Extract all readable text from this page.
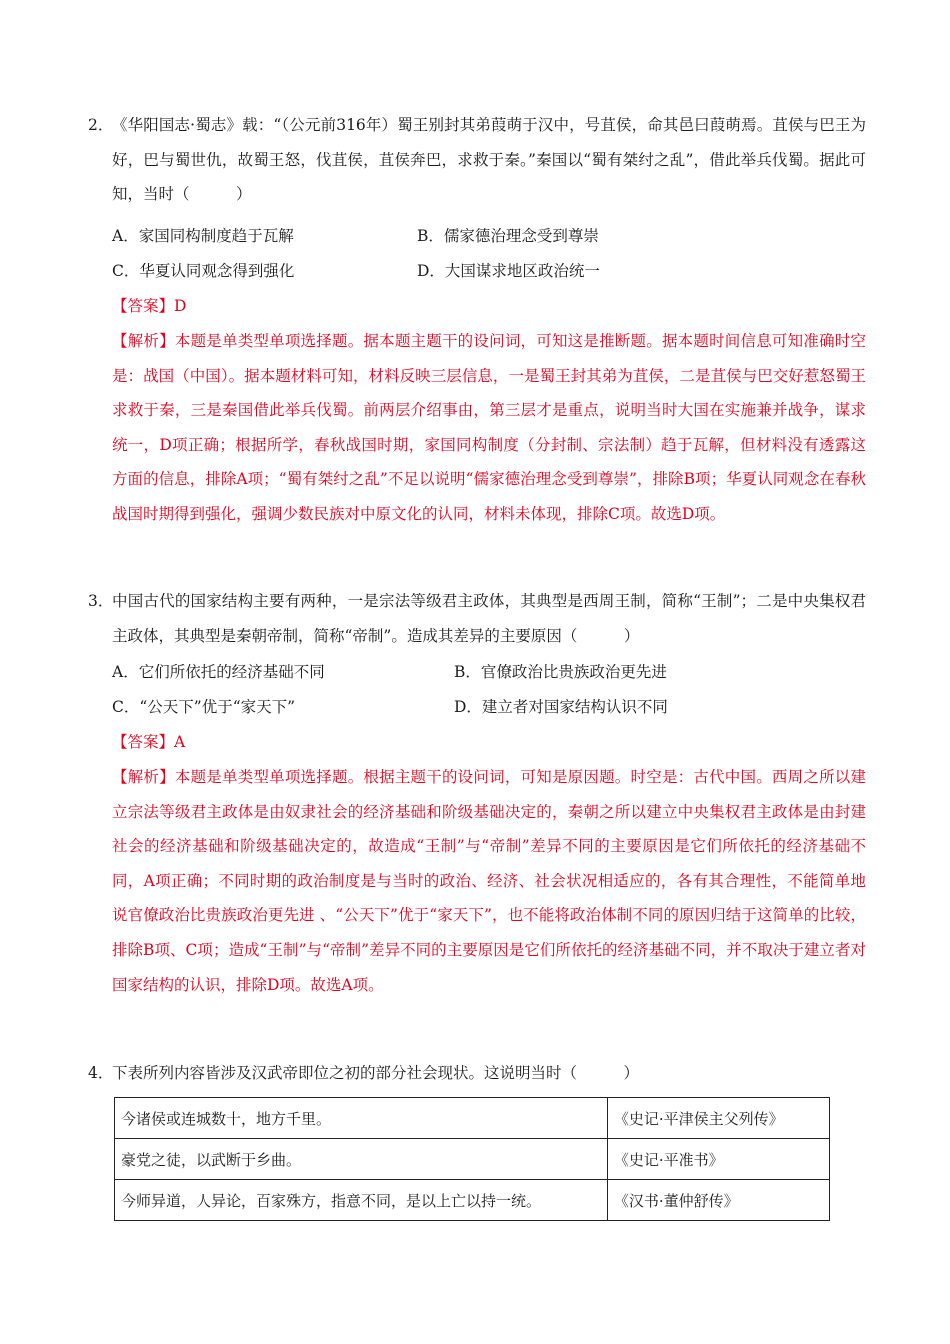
2．
《华阳国志·蜀志》载：“（公元前316年）蜀王别封其弟葭萌于汉中，号苴侯，命其邑曰葭萌焉。苴侯与巴王为好，巴与蜀世仇，故蜀王怒，伐苴侯，苴侯奔巴，求救于秦。”秦国以“蜀有桀纣之乱”，借此举兵伐蜀。据此可知，当时（　　　）
A．家国同构制度趋于瓦解	B．儒家德治理念受到尊崇
C．华夏认同观念得到强化	D．大国谋求地区政治统一
【答案】D
【解析】本题是单类型单项选择题。据本题主题干的设问词，可知这是推断题。据本题时间信息可知准确时空是：战国（中国）。据本题材料可知，材料反映三层信息，一是蜀王封其弟为苴侯，二是苴侯与巴交好惹怒蜀王求救于秦，三是秦国借此举兵伐蜀。前两层介绍事由，第三层才是重点，说明当时大国在实施兼并战争，谋求统一，D项正确；根据所学，春秋战国时期，家国同构制度（分封制、宗法制）趋于瓦解，但材料没有透露这方面的信息，排除A项；“蜀有桀纣之乱”不足以说明“儒家德治理念受到尊崇”，排除B项；华夏认同观念在春秋战国时期得到强化，强调少数民族对中原文化的认同，材料未体现，排除C项。故选D项。
3．
中国古代的国家结构主要有两种，一是宗法等级君主政体，其典型是西周王制，简称“王制”；二是中央集权君主政体，其典型是秦朝帝制，简称“帝制”。造成其差异的主要原因（　　　）
A．它们所依托的经济基础不同	B．官僚政治比贵族政治更先进
C．“公天下”优于“家天下”	D．建立者对国家结构认识不同
【答案】A
【解析】本题是单类型单项选择题。根据主题干的设问词，可知是原因题。时空是：古代中国。西周之所以建立宗法等级君主政体是由奴隶社会的经济基础和阶级基础决定的，秦朝之所以建立中央集权君主政体是由封建社会的经济基础和阶级基础决定的，故造成“王制”与“帝制”差异不同的主要原因是它们所依托的经济基础不同，A项正确；不同时期的政治制度是与当时的政治、经济、社会状况相适应的，各有其合理性，不能简单地说官僚政治比贵族政治更先进 、“公天下”优于“家天下”，也不能将政治体制不同的原因归结于这简单的比较，排除B项、C项；造成“王制”与“帝制”差异不同的主要原因是它们所依托的经济基础不同，并不取决于建立者对国家结构的认识，排除D项。故选A项。
4．
下表所列内容皆涉及汉武帝即位之初的部分社会现状。这说明当时（　　　）
今诸侯或连城数十，地方千里。	《史记·平津侯主父列传》
豪党之徒，以武断于乡曲。	《史记·平准书》
今师异道，人异论，百家殊方，指意不同，是以上亡以持一统。	《汉书·董仲舒传》
